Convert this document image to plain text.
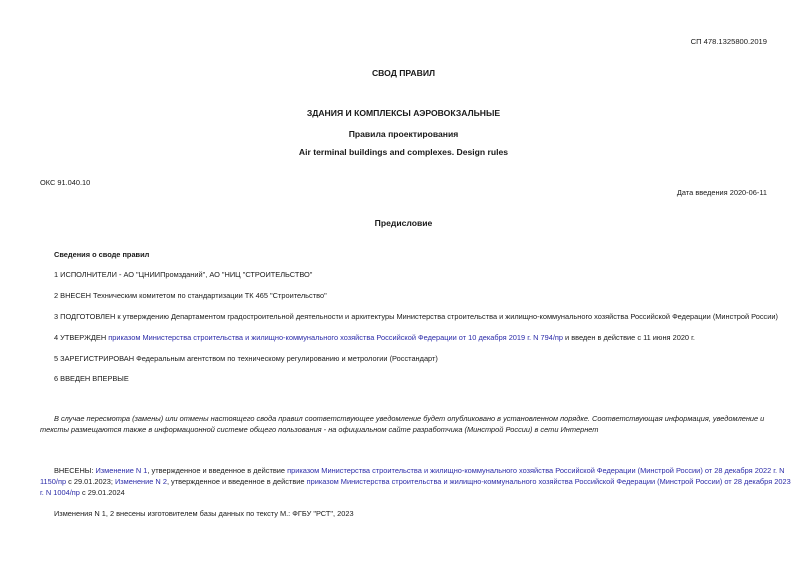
СП 478.1325800.2019
СВОД ПРАВИЛ
ЗДАНИЯ И КОМПЛЕКСЫ АЭРОВОКЗАЛЬНЫЕ
Правила проектирования
Air terminal buildings and complexes. Design rules
ОКС 91.040.10
Дата введения 2020-06-11
Предисловие
Сведения о своде правил
1 ИСПОЛНИТЕЛИ - АО "ЦНИИПромзданий", АО "НИЦ "СТРОИТЕЛЬСТВО"
2 ВНЕСЕН Техническим комитетом по стандартизации ТК 465 "Строительство"
3 ПОДГОТОВЛЕН к утверждению Департаментом градостроительной деятельности и архитектуры Министерства строительства и жилищно-коммунального хозяйства Российской Федерации (Минстрой России)
4 УТВЕРЖДЕН приказом Министерства строительства и жилищно-коммунального хозяйства Российской Федерации от 10 декабря 2019 г. N 794/пр и введен в действие с 11 июня 2020 г.
5 ЗАРЕГИСТРИРОВАН Федеральным агентством по техническому регулированию и метрологии (Росстандарт)
6 ВВЕДЕН ВПЕРВЫЕ
В случае пересмотра (замены) или отмены настоящего свода правил соответствующее уведомление будет опубликовано в установленном порядке. Соответствующая информация, уведомление и
тексты размещаются также в информационной системе общего пользования - на официальном сайте разработчика (Минстрой России) в сети Интернет
ВНЕСЕНЫ: Изменение N 1, утвержденное и введенное в действие приказом Министерства строительства и жилищно-коммунального хозяйства Российской Федерации (Минстрой России) от 28 декабря 2022 г. N
1150/пр с 29.01.2023; Изменение N 2, утвержденное и введенное в действие приказом Министерства строительства и жилищно-коммунального хозяйства Российской Федерации (Минстрой России) от 28 декабря 2023
г. N 1004/пр с 29.01.2024
Изменения N 1, 2 внесены изготовителем базы данных по тексту М.: ФГБУ "РСТ", 2023
